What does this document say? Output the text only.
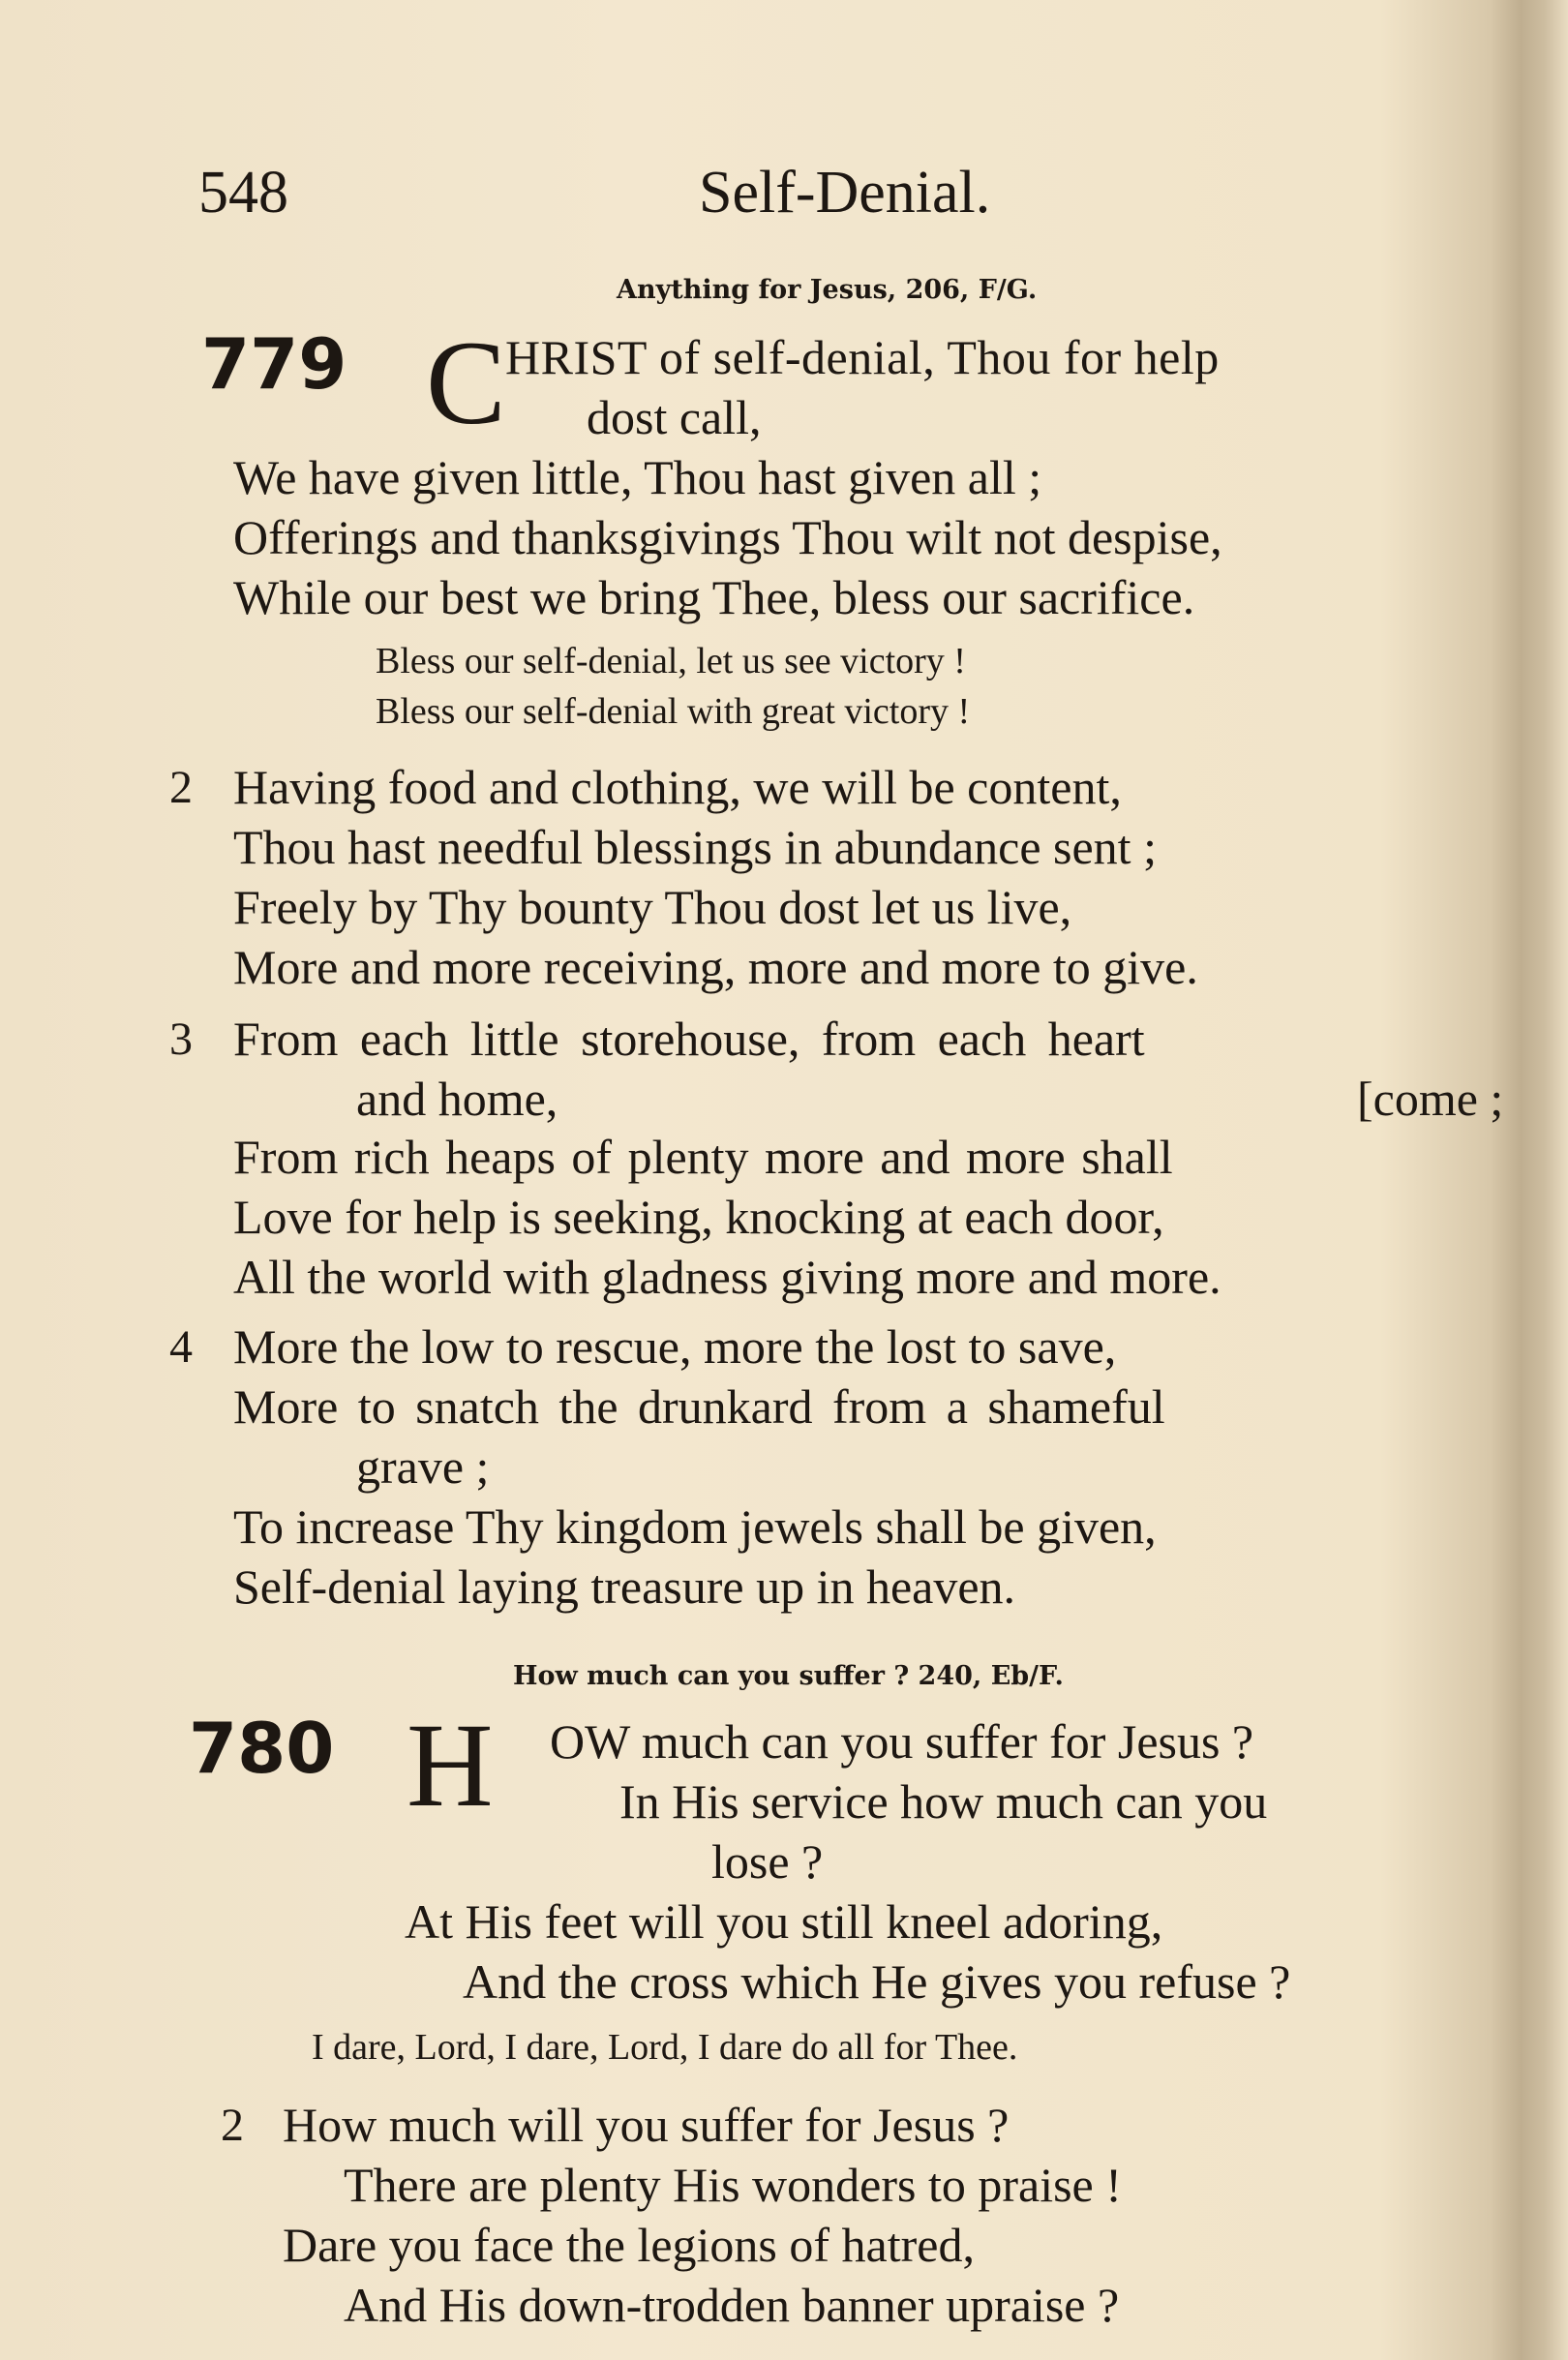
548	Self-Denial.
Anything for Jesus, 206, F/G.
779 C HRIST of self-denial, Thou for help
dost call,
We have given little, Thou hast given all ;
Offerings and thanksgivings Thou wilt not despise,
While our best we bring Thee, bless our sacrifice.
Bless our self-denial, let us see victory !
Bless our self-denial with great victory !
2 Having food and clothing, we will be content,
Thou hast needful blessings in abundance sent ;
Freely by Thy bounty Thou dost let us live,
More and more receiving, more and more to give.
3 From each little storehouse, from each heart
and home,	[come ;
From rich heaps of plenty more and more shall
Love for help is seeking, knocking at each door,
All the world with gladness giving more and more.
4 More the low to rescue, more the lost to save,
More to snatch the drunkard from a shameful
grave ;
To increase Thy kingdom jewels shall be given,
Self-denial laying treasure up in heaven.
How much can you suffer ? 240, Eb/F.
780 H OW much can you suffer for Jesus ?
In His service how much can you
lose ?
At His feet will you still kneel adoring,
And the cross which He gives you refuse ?
I dare, Lord, I dare, Lord, I dare do all for Thee.
2 How much will you suffer for Jesus ?
There are plenty His wonders to praise !
Dare you face the legions of hatred,
And His down-trodden banner upraise ?
